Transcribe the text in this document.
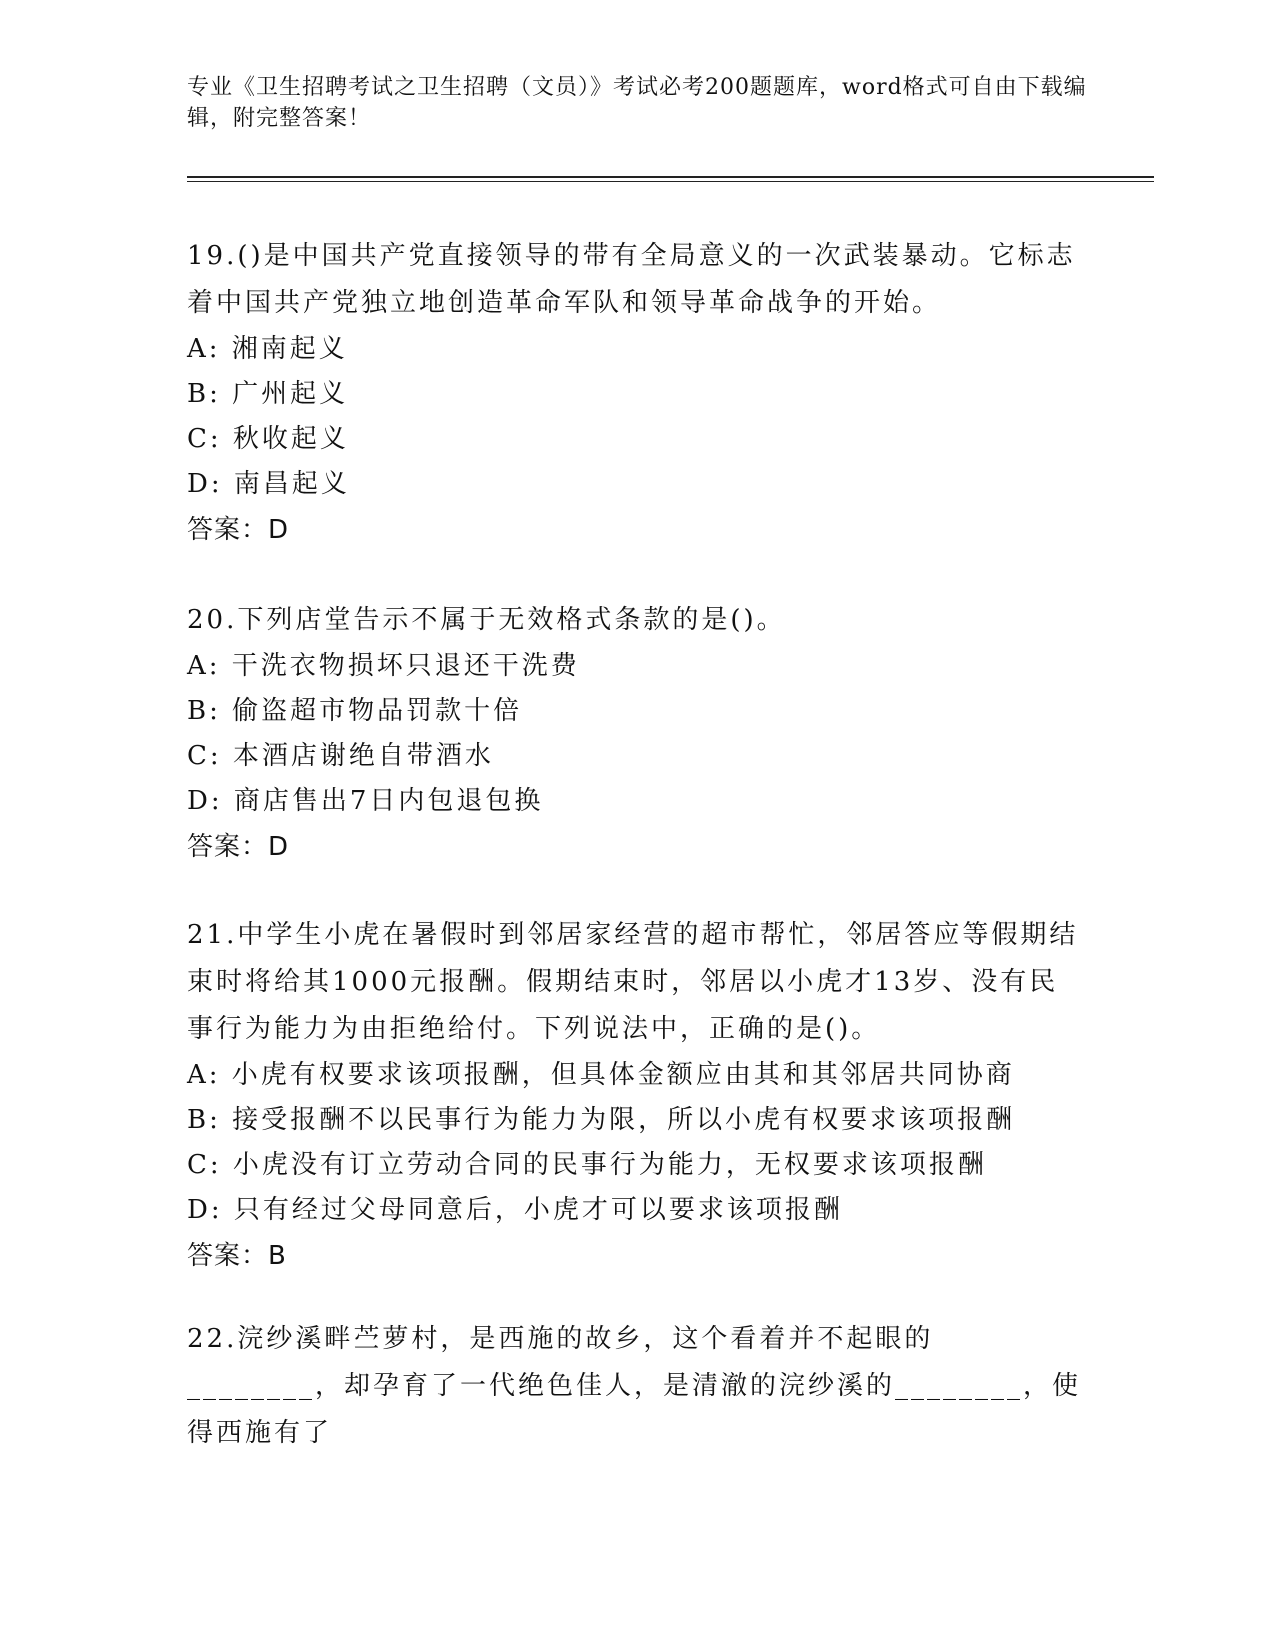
专业《卫生招聘考试之卫生招聘（文员）》考试必考200题题库，word格式可自由下载编辑，附完整答案！

19.()是中国共产党直接领导的带有全局意义的一次武装暴动。它标志着中国共产党独立地创造革命军队和领导革命战争的开始。

A: 湘南起义

B: 广州起义

C: 秋收起义

D: 南昌起义

答案：D

20.下列店堂告示不属于无效格式条款的是()。

A: 干洗衣物损坏只退还干洗费

B: 偷盗超市物品罚款十倍

C: 本酒店谢绝自带酒水

D: 商店售出7日内包退包换

答案：D

21.中学生小虎在暑假时到邻居家经营的超市帮忙，邻居答应等假期结束时将给其1000元报酬。假期结束时，邻居以小虎才13岁、没有民事行为能力为由拒绝给付。下列说法中，正确的是()。

A: 小虎有权要求该项报酬，但具体金额应由其和其邻居共同协商

B: 接受报酬不以民事行为能力为限，所以小虎有权要求该项报酬

C: 小虎没有订立劳动合同的民事行为能力，无权要求该项报酬

D: 只有经过父母同意后，小虎才可以要求该项报酬

答案：B

22.浣纱溪畔苎萝村，是西施的故乡，这个看着并不起眼的________，却孕育了一代绝色佳人，是清澈的浣纱溪的________，使得西施有了
